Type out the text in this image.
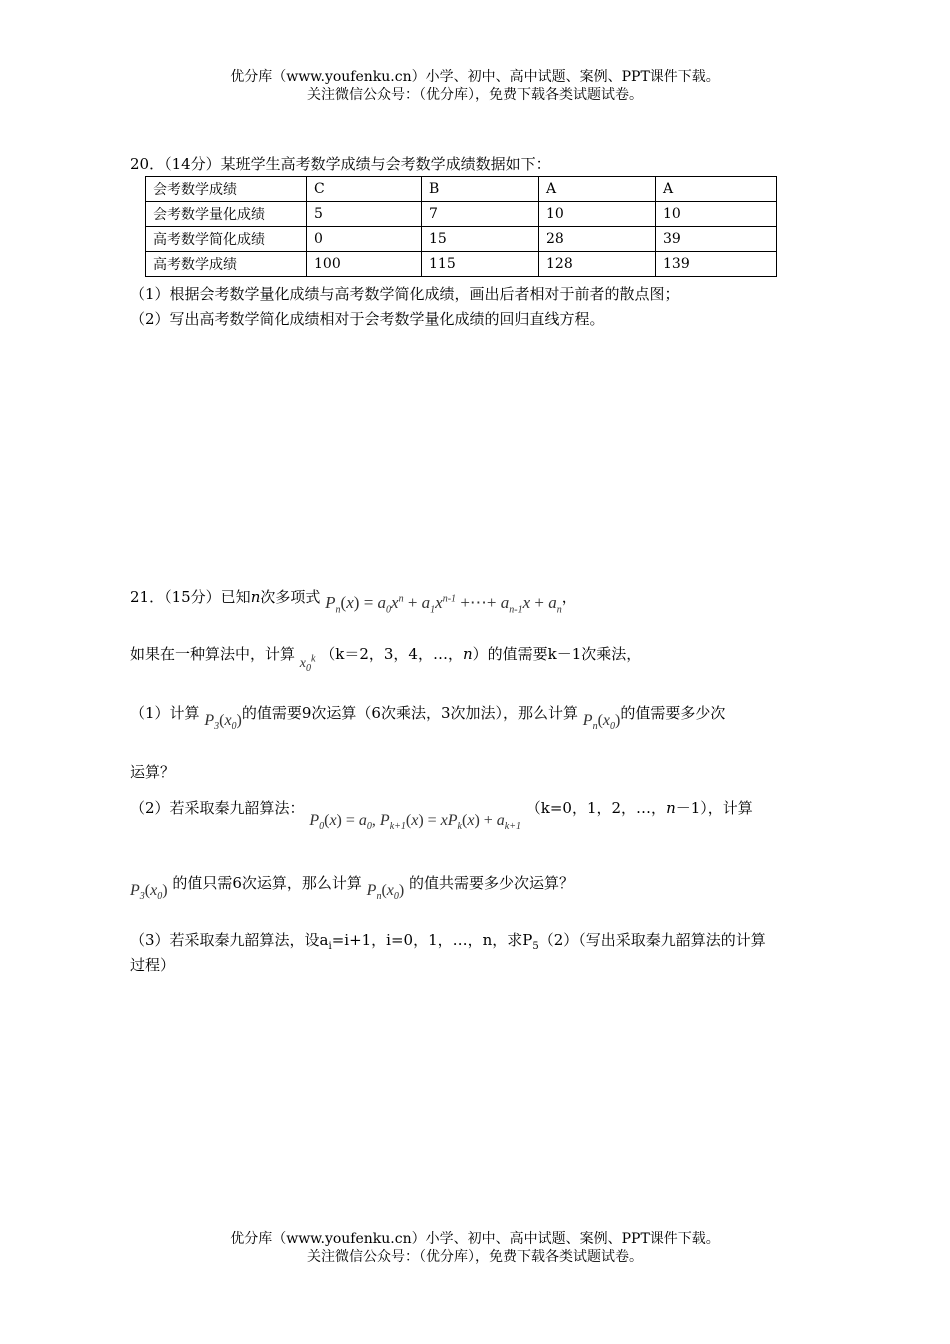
优分库（www.youfenku.cn）小学、初中、高中试题、案例、PPT课件下载。
关注微信公众号：（优分库），免费下载各类试题试卷。
20．（14分）某班学生高考数学成绩与会考数学成绩数据如下：
会考数学成绩	C	B	A	A
会考数学量化成绩	5	7	10	10
高考数学简化成绩	0	15	28	39
高考数学成绩	100	115	128	139
（1）根据会考数学量化成绩与高考数学简化成绩，画出后者相对于前者的散点图；
（2）写出高考数学简化成绩相对于会考数学量化成绩的回归直线方程。
21．（15分）已知n次多项式 $P_n(x) = a_0x^n + a_1x^{n-1}$ +⋯+ $a_{n-1}x + a_n$，
如果在一种算法中，计算 $x_0^k$ （k＝2，3，4，…，n）的值需要k－1次乘法，
（1）计算 $P_3(x_0)$的值需要9次运算（6次乘法，3次加法），那么计算 $P_n(x_0)$的值需要多少次
运算？
（2）若采取秦九韶算法： $P_0(x) = a_0$, $P_{k+1}(x) = xP_k(x) + a_{k+1}$ （k=0，1，2，…，n－1），计算
$P_3(x_0)$ 的值只需6次运算，那么计算 $P_n(x_0)$ 的值共需要多少次运算？
（3）若采取秦九韶算法，设$a_i=i+1$，i=0，1，…，n，求$P_5(2)$（写出采取秦九韶算法的计算
过程）
优分库（www.youfenku.cn）小学、初中、高中试题、案例、PPT课件下载。
关注微信公众号：（优分库），免费下载各类试题试卷。
